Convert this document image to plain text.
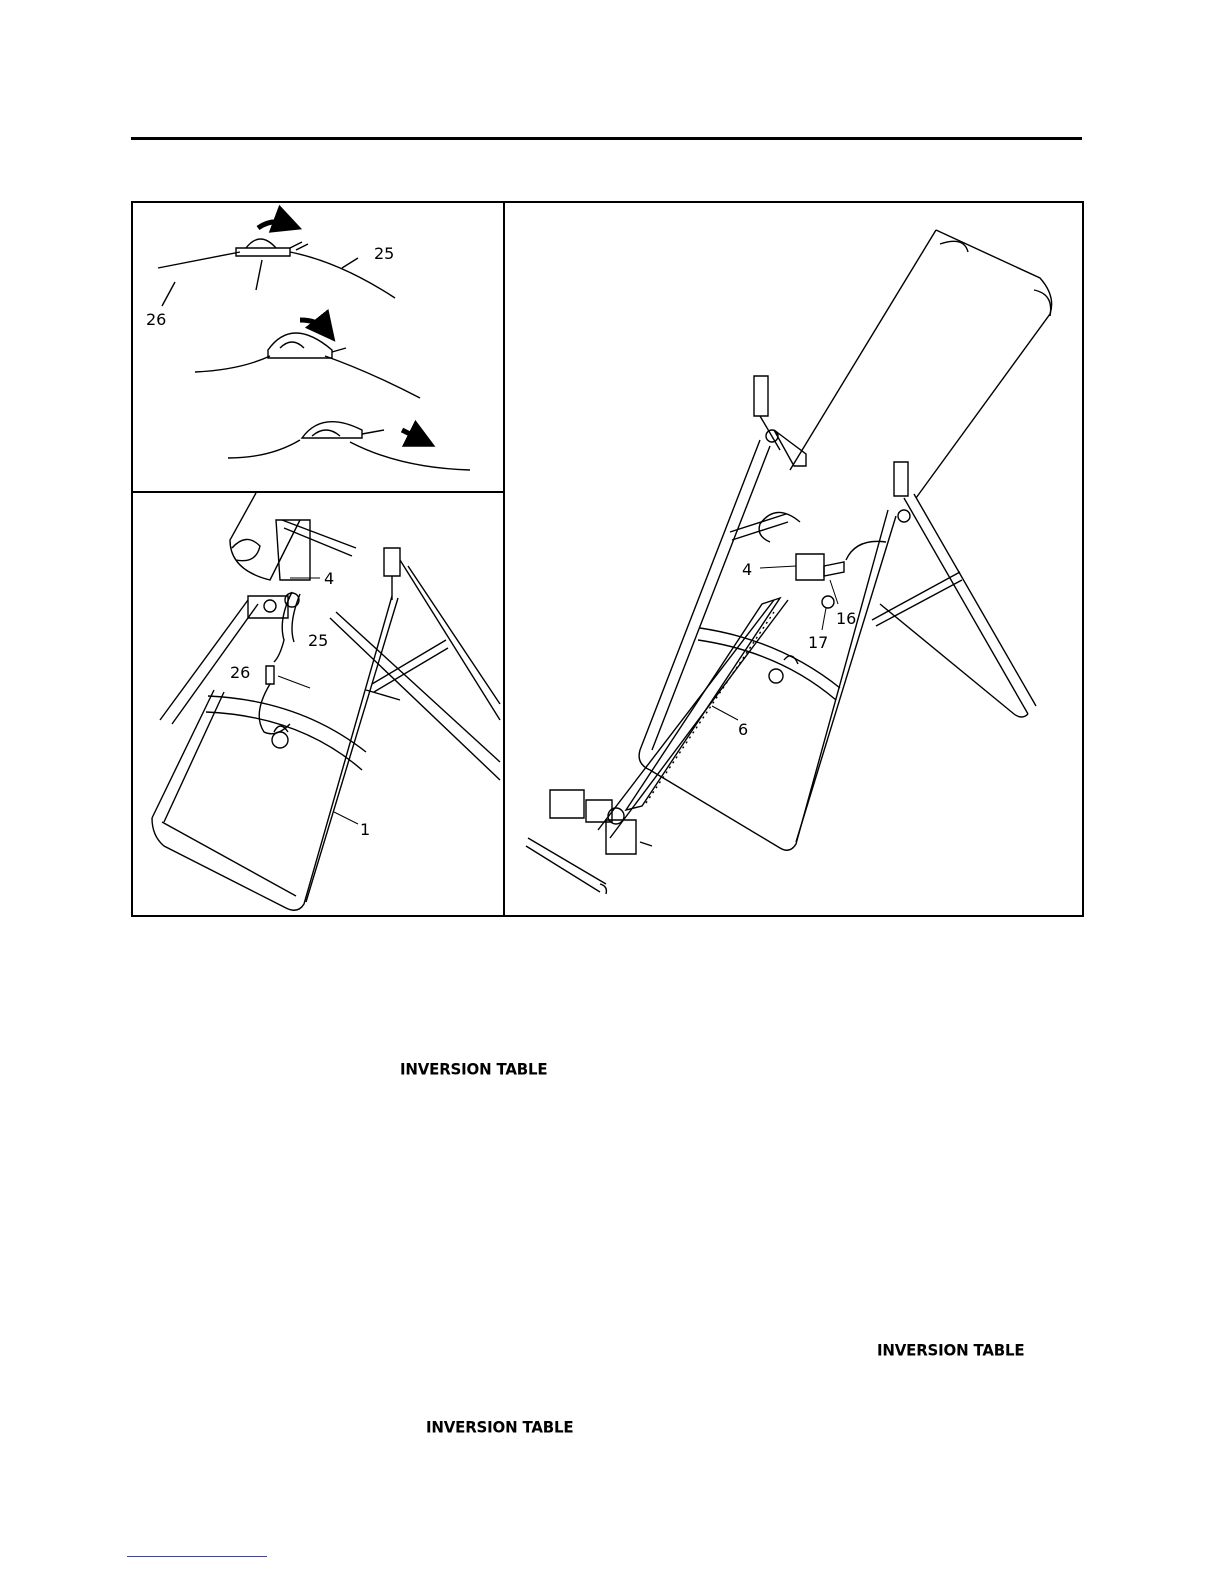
26
25
4
25
26
1
4
16
17
6
INVERSION TABLE
INVERSION TABLE
INVERSION TABLE
